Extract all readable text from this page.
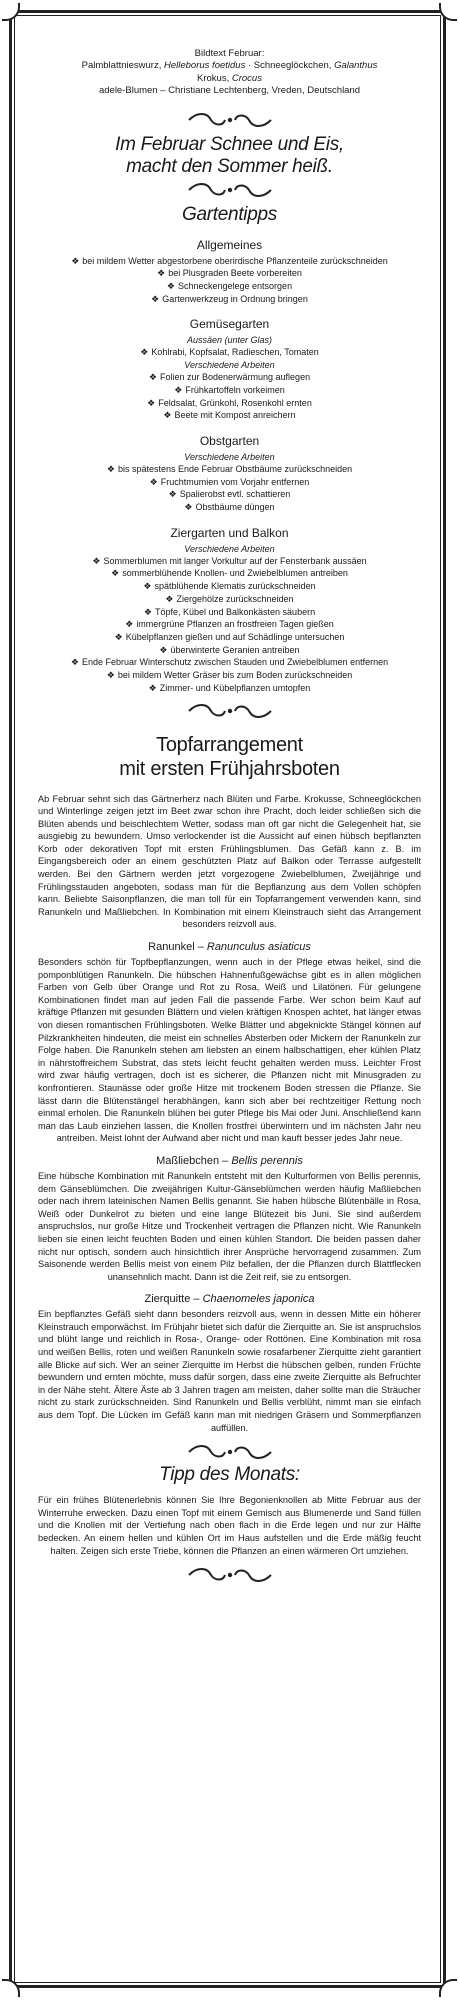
Bildtext Februar:
Palmblattnieswurz, Helleborus foetidus · Schneeglöckchen, Galanthus
Krokus, Crocus
adele-Blumen – Christiane Lechtenberg, Vreden, Deutschland
Im Februar Schnee und Eis,
macht den Sommer heiß.
Gartentipps
Allgemeines
❖ bei mildem Wetter abgestorbene oberirdische Pflanzenteile zurückschneiden
❖ bei Plusgraden Beete vorbereiten
❖ Schneckengelege entsorgen
❖ Gartenwerkzeug in Ordnung bringen
Gemüsegarten
Aussäen (unter Glas)
❖ Kohlrabi, Kopfsalat, Radieschen, Tomaten
Verschiedene Arbeiten
❖ Folien zur Bodenerwärmung auflegen
❖ Frühkartoffeln vorkeimen
❖ Feldsalat, Grünkohl, Rosenkohl ernten
❖ Beete mit Kompost anreichern
Obstgarten
Verschiedene Arbeiten
❖ bis spätestens Ende Februar Obstbäume zurückschneiden
❖ Fruchtmumien vom Vorjahr entfernen
❖ Spalierobst evtl. schattieren
❖ Obstbäume düngen
Ziergarten und Balkon
Verschiedene Arbeiten
❖ Sommerblumen mit langer Vorkultur auf der Fensterbank aussäen
❖ sommerblühende Knollen- und Zwiebelblumen antreiben
❖ spätblühende Klematis zurückschneiden
❖ Ziergehölze zurückschneiden
❖ Töpfe, Kübel und Balkonkästen säubern
❖ immergrüne Pflanzen an frostfreien Tagen gießen
❖ Kübelpflanzen gießen und auf Schädlinge untersuchen
❖ überwinterte Geranien antreiben
❖ Ende Februar Winterschutz zwischen Stauden und Zwiebelblumen entfernen
❖ bei mildem Wetter Gräser bis zum Boden zurückschneiden
❖ Zimmer- und Kübelpflanzen umtopfen
Topfarrangement
mit ersten Frühjahrsboten
Ab Februar sehnt sich das Gärtnerherz nach Blüten und Farbe. Krokusse, Schneeglöckchen und Winterlinge zeigen jetzt im Beet zwar schon ihre Pracht, doch leider schließen sich die Blüten abends und beischlechtem Wetter, sodass man oft gar nicht die Gelegenheit hat, sie ausgiebig zu bewundern. Umso verlockender ist die Aussicht auf einen hübsch bepflanzten Korb oder dekorativen Topf mit ersten Frühlingsblumen. Das Gefäß kann z. B. im Eingangsbereich oder an einem geschützten Platz auf Balkon oder Terrasse aufgestellt werden. Bei den Gärtnern werden jetzt vorgezogene Zwiebelblumen, Zweijährige und Frühlingsstauden angeboten, sodass man für die Bepflanzung aus dem Vollen schöpfen kann. Beliebte Saisonpflanzen, die man toll für ein Topfarrangement verwenden kann, sind Ranunkeln und Maßliebchen. In Kombination mit einem Kleinstrauch sieht das Arrangement besonders reizvoll aus.
Ranunkel – Ranunculus asiaticus
Besonders schön für Topfbepflanzungen, wenn auch in der Pflege etwas heikel, sind die pomponblütigen Ranunkeln. Die hübschen Hahnenfußgewächse gibt es in allen möglichen Farben von Gelb über Orange und Rot zu Rosa, Weiß und Lilatönen. Für gelungene Kombinationen findet man auf jeden Fall die passende Farbe. Wer schon beim Kauf auf kräftige Pflanzen mit gesunden Blättern und vielen kräftigen Knospen achtet, hat länger etwas von diesen romantischen Frühlingsboten. Welke Blätter und abgeknickte Stängel können auf Pilzkrankheiten hindeuten, die meist ein schnelles Absterben oder Mickern der Ranunkeln zur Folge haben. Die Ranunkeln stehen am liebsten an einem halbschattigen, eher kühlen Platz in nährstoffreichem Substrat, das stets leicht feucht gehalten werden muss. Leichter Frost wird zwar häufig vertragen, doch ist es sicherer, die Pflanzen nicht mit Minusgraden zu konfrontieren. Staunässe oder große Hitze mit trockenem Boden stressen die Pflanze. Sie lässt dann die Blütenstängel herabhängen, kann sich aber bei rechtzeitiger Rettung noch einmal erholen. Die Ranunkeln blühen bei guter Pflege bis Mai oder Juni. Anschließend kann man das Laub einziehen lassen, die Knollen frostfrei überwintern und im nächsten Jahr neu antreiben. Meist lohnt der Aufwand aber nicht und man kauft besser jedes Jahr neue.
Maßliebchen – Bellis perennis
Eine hübsche Kombination mit Ranunkeln entsteht mit den Kulturformen von Bellis perennis, dem Gänseblümchen. Die zweijährigen Kultur-Gänseblümchen werden häufig Maßliebchen oder nach ihrem lateinischen Namen Bellis genannt. Sie haben hübsche Blütenbälle in Rosa, Weiß oder Dunkelrot zu bieten und eine lange Blütezeit bis Juni. Sie sind außerdem anspruchslos, nur große Hitze und Trockenheit vertragen die Pflanzen nicht. Wie Ranunkeln lieben sie einen leicht feuchten Boden und einen kühlen Standort. Die beiden passen daher nicht nur optisch, sondern auch hinsichtlich ihrer Ansprüche hervorragend zusammen. Zum Saisonende werden Bellis meist von einem Pilz befallen, der die Pflanzen durch Blattflecken unansehnlich macht. Dann ist die Zeit reif, sie zu entsorgen.
Zierquitte – Chaenomeles japonica
Ein bepflanztes Gefäß sieht dann besonders reizvoll aus, wenn in dessen Mitte ein höherer Kleinstrauch emporwächst. Im Frühjahr bietet sich dafür die Zierquitte an. Sie ist anspruchslos und blüht lange und reichlich in Rosa-, Orange- oder Rottönen. Eine Kombination mit rosa und weißen Bellis, roten und weißen Ranunkeln sowie rosafarbener Zierquitte zieht garantiert alle Blicke auf sich. Wer an seiner Zierquitte im Herbst die hübschen gelben, runden Früchte bewundern und ernten möchte, muss dafür sorgen, dass eine zweite Zierquitte als Befruchter in der Nähe steht. Ältere Äste ab 3 Jahren tragen am meisten, daher sollte man die Sträucher nicht zu stark zurückschneiden. Sind Ranunkeln und Bellis verblüht, nimmt man sie einfach aus dem Topf. Die Lücken im Gefäß kann man mit niedrigen Gräsern und Sommerpflanzen auffüllen.
Tipp des Monats:
Für ein frühes Blütenerlebnis können Sie Ihre Begonienknollen ab Mitte Februar aus der Winterruhe erwecken. Dazu einen Topf mit einem Gemisch aus Blumenerde und Sand füllen und die Knollen mit der Vertiefung nach oben flach in die Erde legen und nur zur Hälfte bedecken. An einem hellen und kühlen Ort im Haus aufstellen und die Erde mäßig feucht halten. Zeigen sich erste Triebe, können die Pflanzen an einen wärmeren Ort umziehen.
